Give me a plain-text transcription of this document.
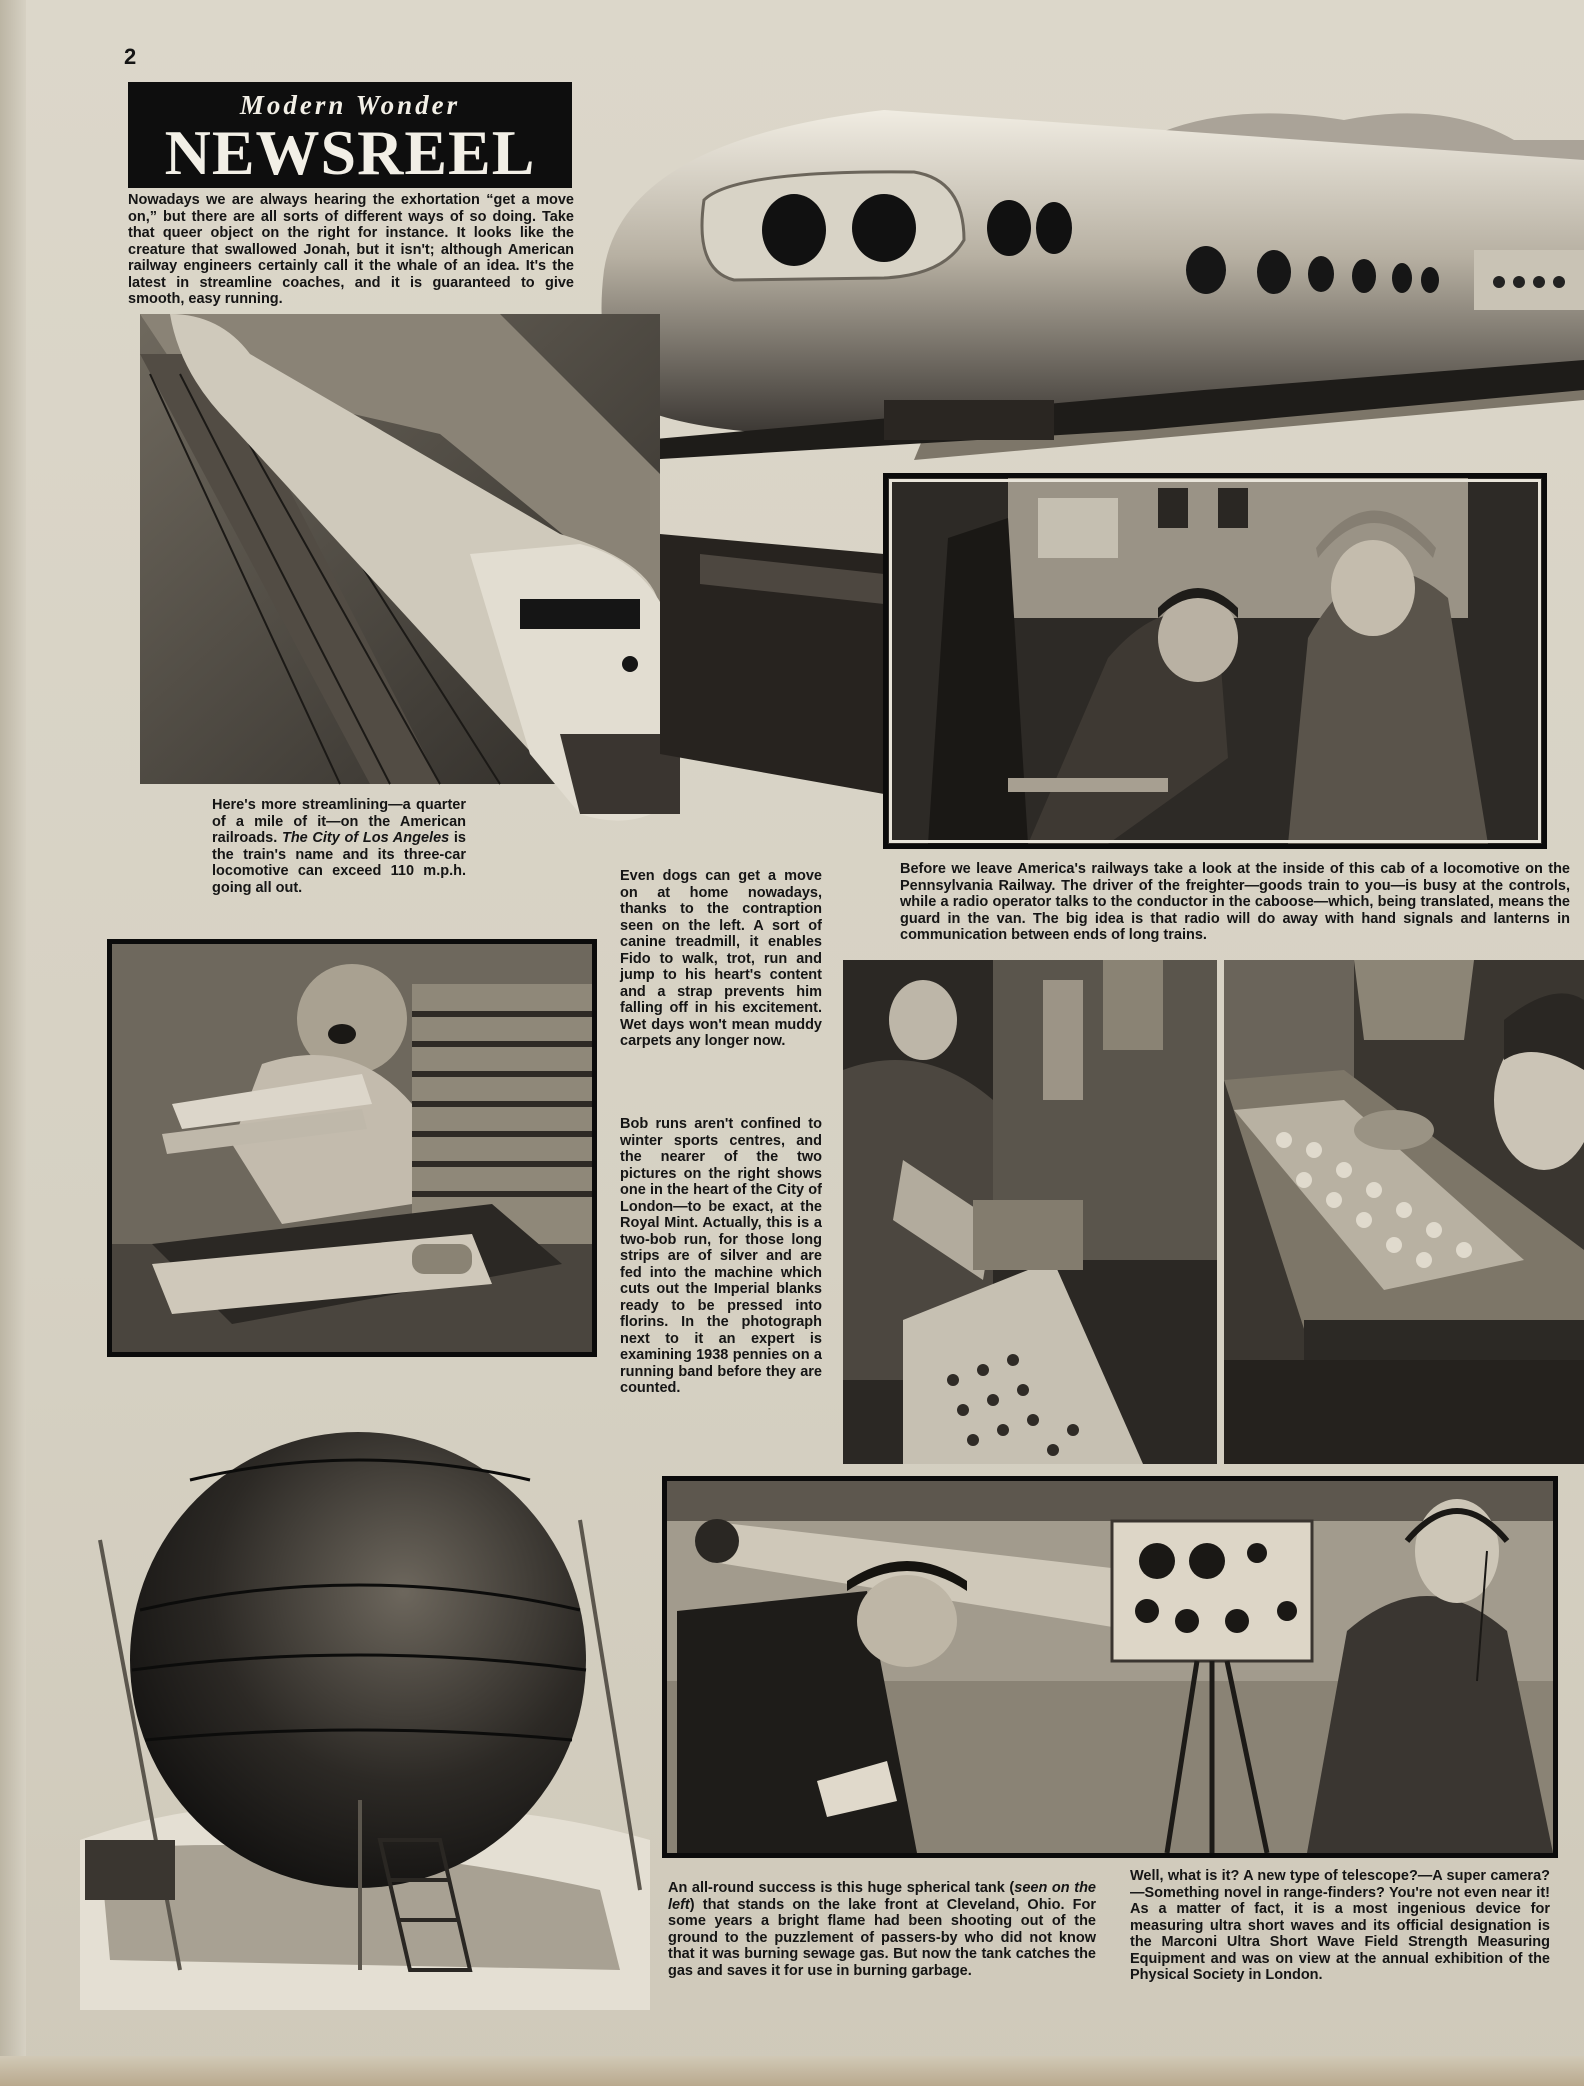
2
Modern Wonder
NEWSREEL

Nowadays we are always hearing the exhortation “get a move on,” but there are all sorts of different ways of so doing. Take that queer object on the right for instance. It looks like the creature that swallowed Jonah, but it isn't; although American railway engineers certainly call it the whale of an idea. It's the latest in streamline coaches, and it is guaranteed to give smooth, easy running.

Here's more streamlining—a quarter of a mile of it—on the American railroads. The City of Los Angeles is the train's name and its three-car locomotive can exceed 110 m.p.h. going all out.

Before we leave America's railways take a look at the inside of this cab of a locomotive on the Pennsylvania Railway. The driver of the freighter—goods train to you—is busy at the controls, while a radio operator talks to the conductor in the caboose—which, being translated, means the guard in the van. The big idea is that radio will do away with hand signals and lanterns in communication between ends of long trains.

Even dogs can get a move on at home nowadays, thanks to the contraption seen on the left. A sort of canine treadmill, it enables Fido to walk, trot, run and jump to his heart's content and a strap prevents him falling off in his excitement. Wet days won't mean muddy carpets any longer now.

Bob runs aren't confined to winter sports centres, and the nearer of the two pictures on the right shows one in the heart of the City of London—to be exact, at the Royal Mint. Actually, this is a two-bob run, for those long strips are of silver and are fed into the machine which cuts out the Imperial blanks ready to be pressed into florins. In the photograph next to it an expert is examining 1938 pennies on a running band before they are counted.

An all-round success is this huge spherical tank (seen on the left) that stands on the lake front at Cleveland, Ohio. For some years a bright flame had been shooting out of the ground to the puzzlement of passers-by who did not know that it was burning sewage gas. But now the tank catches the gas and saves it for use in burning garbage.

Well, what is it? A new type of telescope?—A super camera?—Something novel in range-finders? You're not even near it! As a matter of fact, it is a most ingenious device for measuring ultra short waves and its official designation is the Marconi Ultra Short Wave Field Strength Measuring Equipment and was on view at the annual exhibition of the Physical Society in London.
